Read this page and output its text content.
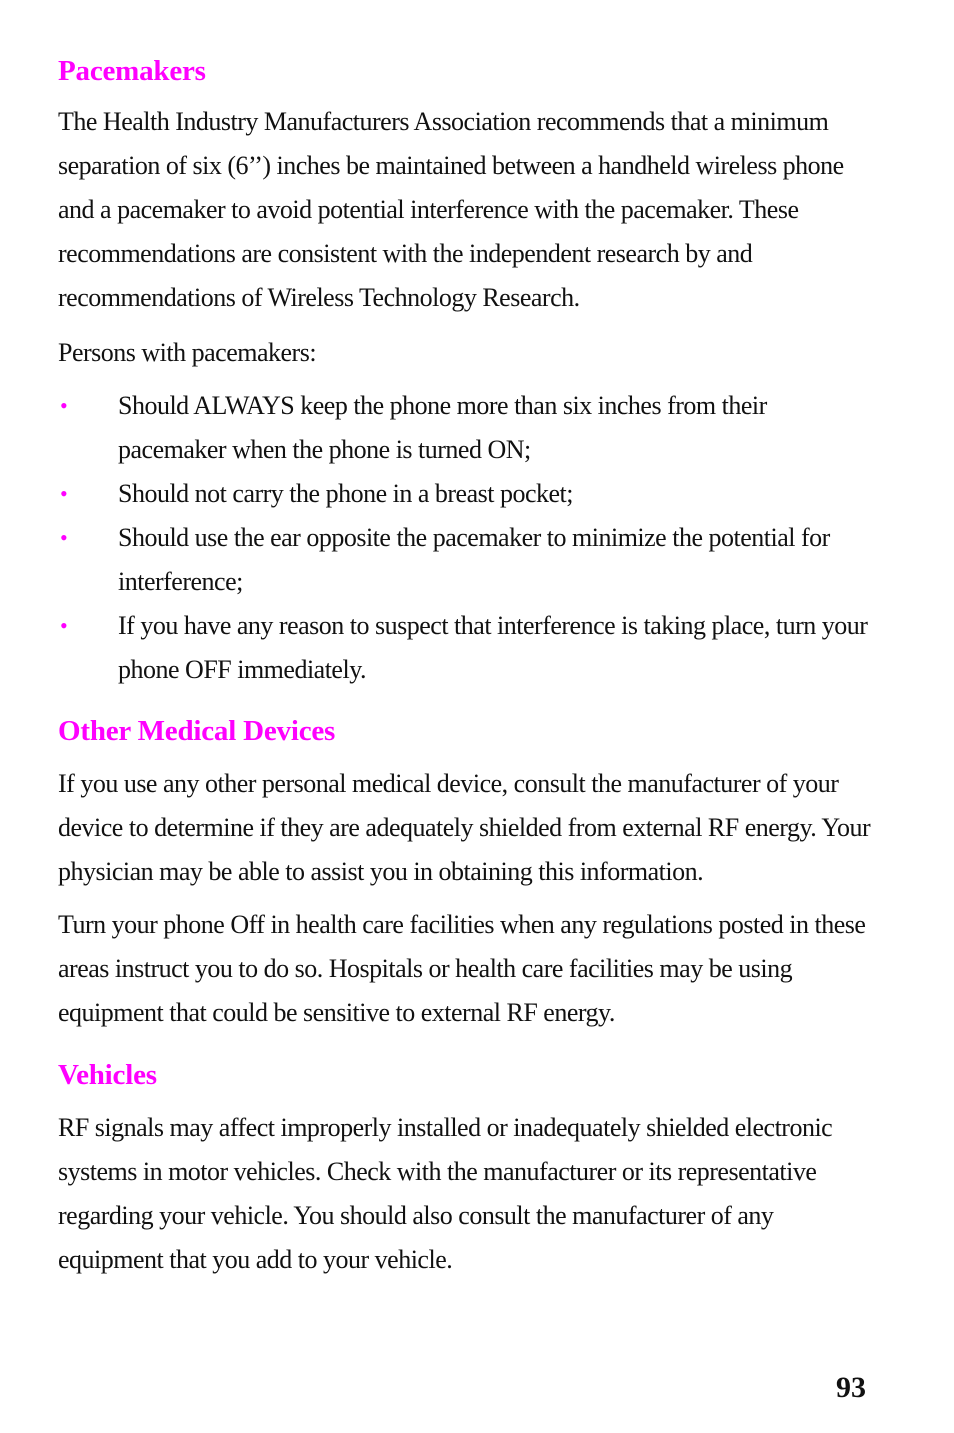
Pacemakers

The Health Industry Manufacturers Association recommends that a minimum separation of six (6’’) inches be maintained between a handheld wireless phone and a pacemaker to avoid potential interference with the pacemaker. These recommendations are consistent with the independent research by and recommendations of Wireless Technology Research.

Persons with pacemakers:

• Should ALWAYS keep the phone more than six inches from their pacemaker when the phone is turned ON;
• Should not carry the phone in a breast pocket;
• Should use the ear opposite the pacemaker to minimize the potential for interference;
• If you have any reason to suspect that interference is taking place, turn your phone OFF immediately.
Other Medical Devices

If you use any other personal medical device, consult the manufacturer of your device to determine if they are adequately shielded from external RF energy. Your physician may be able to assist you in obtaining this information.

Turn your phone Off in health care facilities when any regulations posted in these areas instruct you to do so. Hospitals or health care facilities may be using equipment that could be sensitive to external RF energy.

Vehicles

RF signals may affect improperly installed or inadequately shielded electronic systems in motor vehicles. Check with the manufacturer or its representative regarding your vehicle. You should also consult the manufacturer of any equipment that you add to your vehicle.

93
